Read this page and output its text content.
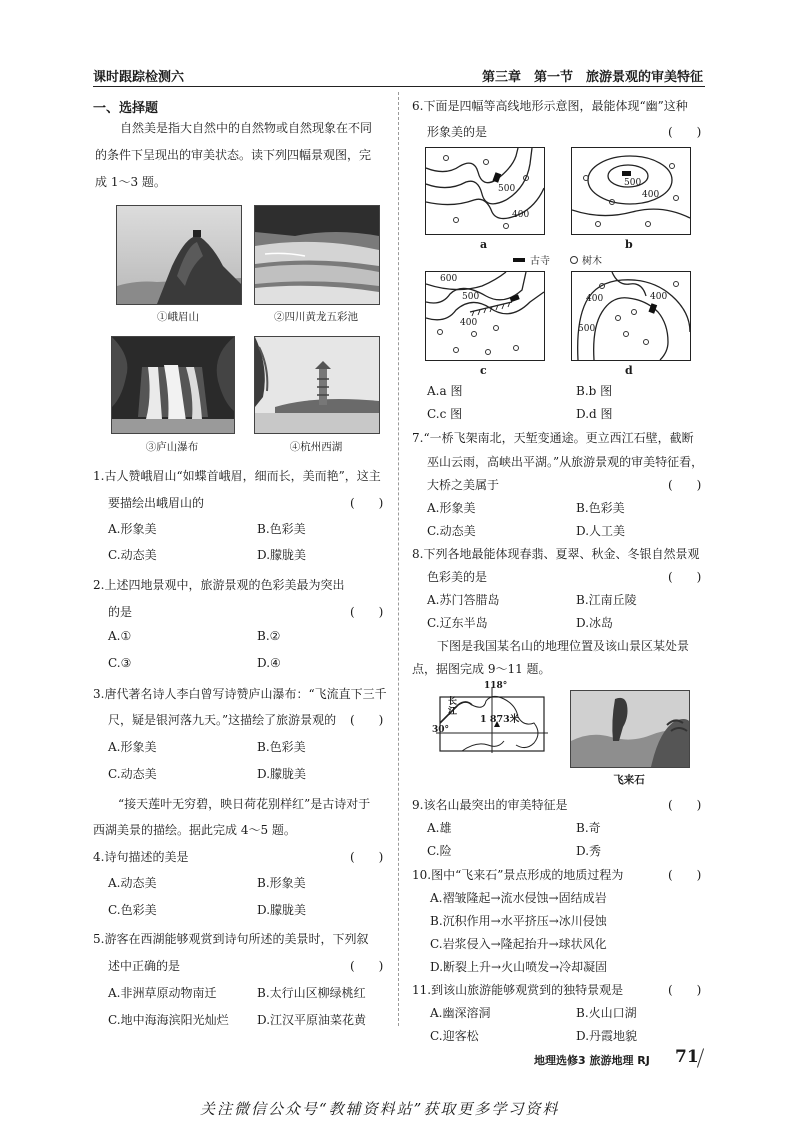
课时跟踪检测六	第三章　第一节　旅游景观的审美特征
一、选择题
自然美是指大自然中的自然物或自然现象在不同
的条件下呈现出的审美状态。读下列四幅景观图，完
成 1～3 题。
①峨眉山	②四川黄龙五彩池
③庐山瀑布	④杭州西湖
1.古人赞峨眉山“如蝶首峨眉，细而长，美而艳”，这主
要描绘出峨眉山的	(　　)
A.形象美	B.色彩美
C.动态美	D.朦胧美
2.上述四地景观中，旅游景观的色彩美最为突出
的是	(　　)
A.①	B.②
C.③	D.④
3.唐代著名诗人李白曾写诗赞庐山瀑布：“飞流直下三千
尺，疑是银河落九天。”这描绘了旅游景观的 (　　)
A.形象美	B.色彩美
C.动态美	D.朦胧美
“接天莲叶无穷碧，映日荷花别样红”是古诗对于
西湖美景的描绘。据此完成 4～5 题。
4.诗句描述的美是	(　　)
A.动态美	B.形象美
C.色彩美	D.朦胧美
5.游客在西湖能够观赏到诗句所述的美景时，下列叙
述中正确的是	(　　)
A.非洲草原动物南迁	B.太行山区柳绿桃红
C.地中海海滨阳光灿烂 D.江汉平原油菜花黄
6.下面是四幅等高线地形示意图，最能体现“幽”这种
形象美的是	(　　)
500
400
a
500
400
b
古寺	树木
600
500
400
c
400	400
500
d
A.a 图	B.b 图
C.c 图	D.d 图
7.“一桥飞架南北，天堑变通途。更立西江石壁，截断
巫山云雨，高峡出平湖。”从旅游景观的审美特征看，
大桥之美属于	(　　)
A.形象美	B.色彩美
C.动态美	D.人工美
8.下列各地最能体现春翡、夏翠、秋金、冬银自然景观
色彩美的是	(　　)
A.苏门答腊岛	B.江南丘陵
C.辽东半岛	D.冰岛
下图是我国某名山的地理位置及该山景区某处景
点，据图完成 9～11 题。
118°
30°
长江
1 873米
飞来石
9.该名山最突出的审美特征是	(　　)
A.雄	B.奇
C.险	D.秀
10.图中“飞来石”景点形成的地质过程为	(　　)
A.褶皱隆起→流水侵蚀→固结成岩
B.沉积作用→水平挤压→冰川侵蚀
C.岩浆侵入→隆起抬升→球状风化
D.断裂上升→火山喷发→冷却凝固
11.到该山旅游能够观赏到的独特景观是	(　　)
A.幽深溶洞	B.火山口湖
C.迎客松	D.丹霞地貌
地理选修3 旅游地理 RJ 71
关注微信公众号“教辅资料站”获取更多学习资料
